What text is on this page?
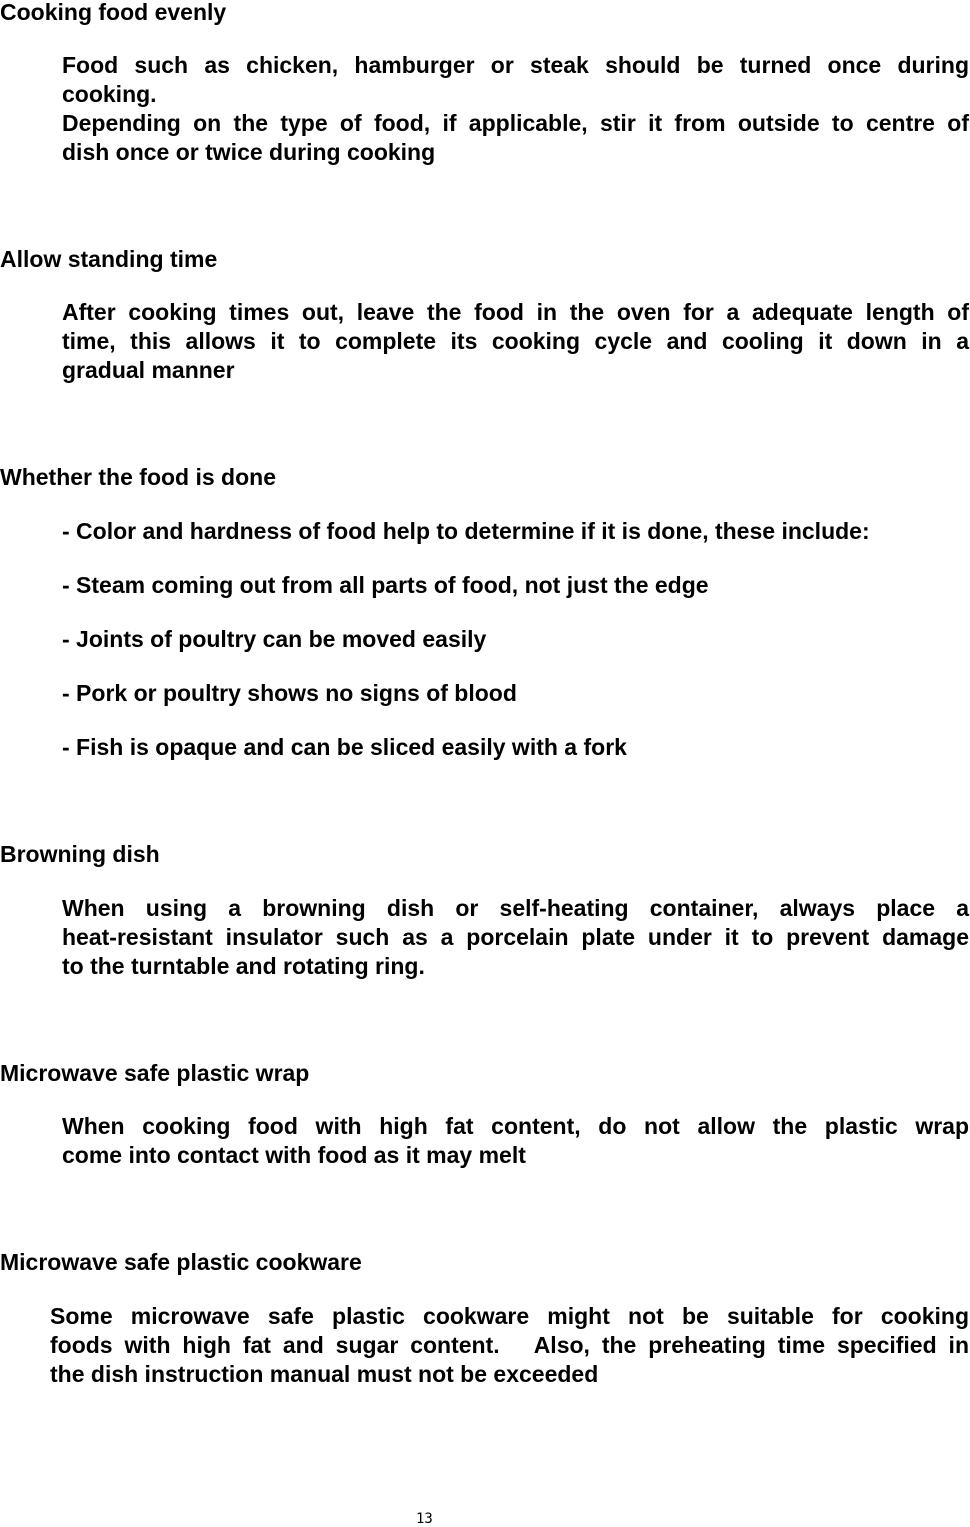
Cooking food evenly
Food such as chicken, hamburger or steak should be turned once during
cooking.
Depending on the type of food, if applicable, stir it from outside to centre of
dish once or twice during cooking
Allow standing time
After cooking times out, leave the food in the oven for a adequate length of
time, this allows it to complete its cooking cycle and cooling it down in a
gradual manner
Whether the food is done

- Color and hardness of food help to determine if it is done, these include:

- Steam coming out from all parts of food, not just the edge

- Joints of poultry can be moved easily

- Pork or poultry shows no signs of blood

- Fish is opaque and can be sliced easily with a fork

Browning dish
When using a browning dish or self-heating container, always place a
heat-resistant insulator such as a porcelain plate under it to prevent damage
to the turntable and rotating ring.
Microwave safe plastic wrap
When cooking food with high fat content, do not allow the plastic wrap
come into contact with food as it may melt
Microwave safe plastic cookware
Some microwave safe plastic cookware might not be suitable for cooking
foods with high fat and sugar content.　Also, the preheating time specified in
the dish instruction manual must not be exceeded
13
